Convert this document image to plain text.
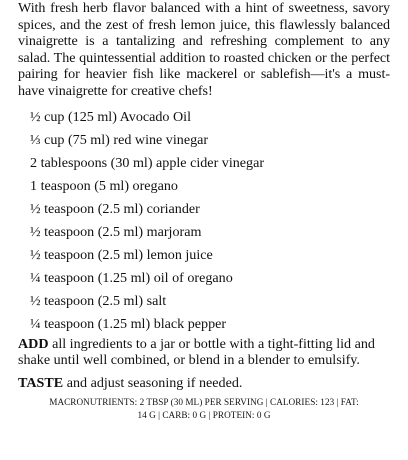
With fresh herb flavor balanced with a hint of sweetness, savory spices, and the zest of fresh lemon juice, this flawlessly balanced vinaigrette is a tantalizing and refreshing complement to any salad. The quintessential addition to roasted chicken or the perfect pairing for heavier fish like mackerel or sablefish—it's a must-have vinaigrette for creative chefs!

½ cup (125 ml) Avocado Oil
⅓ cup (75 ml) red wine vinegar
2 tablespoons (30 ml) apple cider vinegar
1 teaspoon (5 ml) oregano
½ teaspoon (2.5 ml) coriander
½ teaspoon (2.5 ml) marjoram
½ teaspoon (2.5 ml) lemon juice
¼ teaspoon (1.25 ml) oil of oregano
½ teaspoon (2.5 ml) salt
¼ teaspoon (1.25 ml) black pepper

ADD all ingredients to a jar or bottle with a tight-fitting lid and shake until well combined, or blend in a blender to emulsify.

TASTE and adjust seasoning if needed.

MACRONUTRIENTS: 2 TBSP (30 ML) PER SERVING | CALORIES: 123 | FAT:
14 G | CARB: 0 G | PROTEIN: 0 G
